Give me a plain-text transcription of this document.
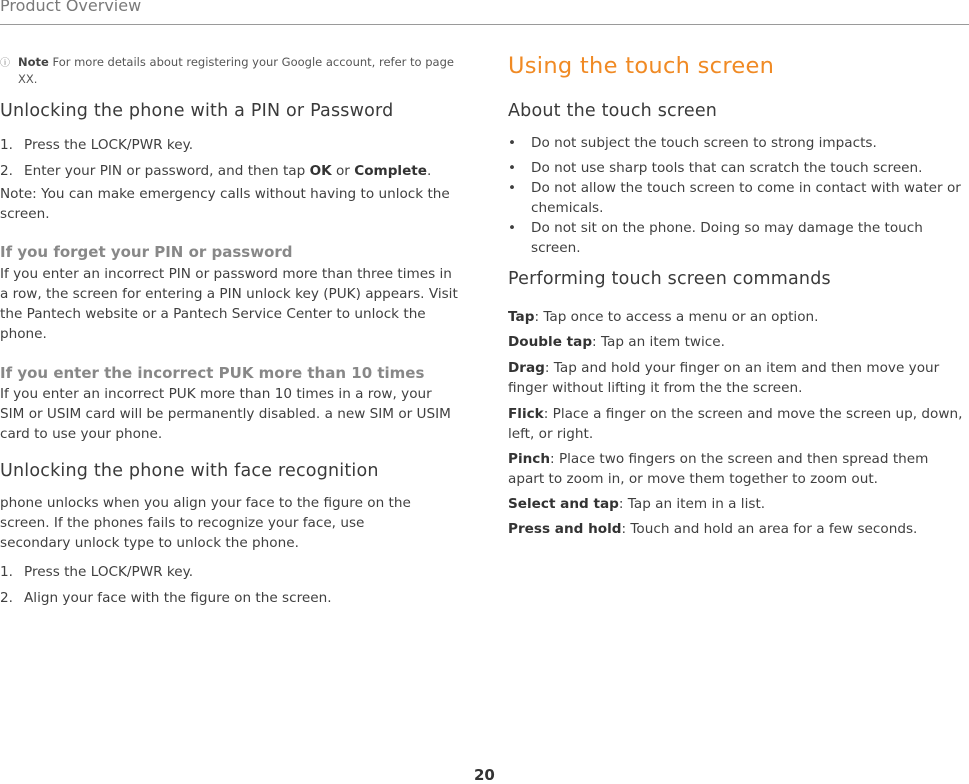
Product Overview
ⓘ Note For more details about registering your Google account, refer to page XX.
Unlocking the phone with a PIN or Password
1. Press the LOCK/PWR key.
2. Enter your PIN or password, and then tap OK or Complete.
Note: You can make emergency calls without having to unlock the screen.
If you forget your PIN or password
If you enter an incorrect PIN or password more than three times in a row, the screen for entering a PIN unlock key (PUK) appears. Visit the Pantech website or a Pantech Service Center to unlock the phone.
If you enter the incorrect PUK more than 10 times
If you enter an incorrect PUK more than 10 times in a row, your SIM or USIM card will be permanently disabled. a new SIM or USIM card to use your phone.
Unlocking the phone with face recognition
phone unlocks when you align your face to the figure on the screen. If the phones fails to recognize your face, use secondary unlock type to unlock the phone.
1. Press the LOCK/PWR key.
2. Align your face with the figure on the screen.
Using the touch screen
About the touch screen
• Do not subject the touch screen to strong impacts.
• Do not use sharp tools that can scratch the touch screen.
• Do not allow the touch screen to come in contact with water or chemicals.
• Do not sit on the phone. Doing so may damage the touch screen.
Performing touch screen commands
Tap: Tap once to access a menu or an option.
Double tap: Tap an item twice.
Drag: Tap and hold your finger on an item and then move your finger without lifting it from the the screen.
Flick: Place a finger on the screen and move the screen up, down, left, or right.
Pinch: Place two fingers on the screen and then spread them apart to zoom in, or move them together to zoom out.
Select and tap: Tap an item in a list.
Press and hold: Touch and hold an area for a few seconds.
20
